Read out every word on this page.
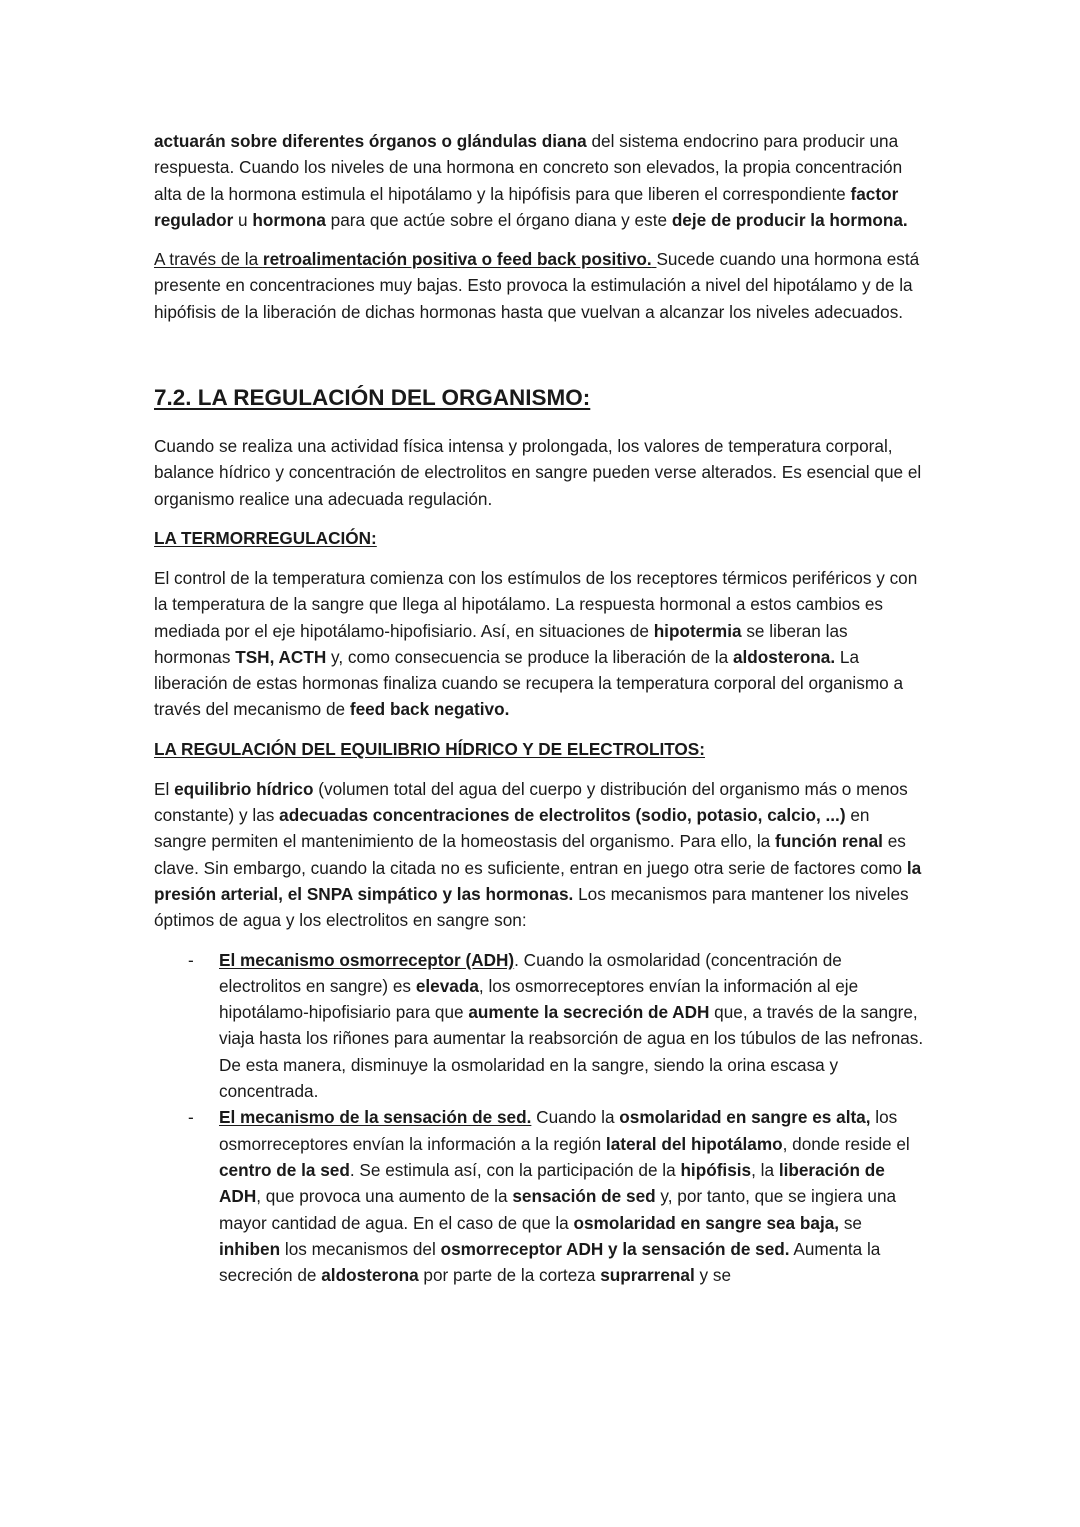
actuarán sobre diferentes órganos o glándulas diana del sistema endocrino para producir una respuesta. Cuando los niveles de una hormona en concreto son elevados, la propia concentración alta de la hormona estimula el hipotálamo y la hipófisis para que liberen el correspondiente factor regulador u hormona para que actúe sobre el órgano diana y este deje de producir la hormona.

A través de la retroalimentación positiva o feed back positivo. Sucede cuando una hormona está presente en concentraciones muy bajas. Esto provoca la estimulación a nivel del hipotálamo y de la hipófisis de la liberación de dichas hormonas hasta que vuelvan a alcanzar los niveles adecuados.

7.2. LA REGULACIÓN DEL ORGANISMO:

Cuando se realiza una actividad física intensa y prolongada, los valores de temperatura corporal, balance hídrico y concentración de electrolitos en sangre pueden verse alterados. Es esencial que el organismo realice una adecuada regulación.

LA TERMORREGULACIÓN:

El control de la temperatura comienza con los estímulos de los receptores térmicos periféricos y con la temperatura de la sangre que llega al hipotálamo. La respuesta hormonal a estos cambios es mediada por el eje hipotálamo-hipofisiario. Así, en situaciones de hipotermia se liberan las hormonas TSH, ACTH y, como consecuencia se produce la liberación de la aldosterona. La liberación de estas hormonas finaliza cuando se recupera la temperatura corporal del organismo a través del mecanismo de feed back negativo.

LA REGULACIÓN DEL EQUILIBRIO HÍDRICO Y DE ELECTROLITOS:

El equilibrio hídrico (volumen total del agua del cuerpo y distribución del organismo más o menos constante) y las adecuadas concentraciones de electrolitos (sodio, potasio, calcio, ...) en sangre permiten el mantenimiento de la homeostasis del organismo. Para ello, la función renal es clave. Sin embargo, cuando la citada no es suficiente, entran en juego otra serie de factores como la presión arterial, el SNPA simpático y las hormonas. Los mecanismos para mantener los niveles óptimos de agua y los electrolitos en sangre son:

- El mecanismo osmorreceptor (ADH). Cuando la osmolaridad (concentración de electrolitos en sangre) es elevada, los osmorreceptores envían la información al eje hipotálamo-hipofisiario para que aumente la secreción de ADH que, a través de la sangre, viaja hasta los riñones para aumentar la reabsorción de agua en los túbulos de las nefronas. De esta manera, disminuye la osmolaridad en la sangre, siendo la orina escasa y concentrada.
- El mecanismo de la sensación de sed. Cuando la osmolaridad en sangre es alta, los osmorreceptores envían la información a la región lateral del hipotálamo, donde reside el centro de la sed. Se estimula así, con la participación de la hipófisis, la liberación de ADH, que provoca una aumento de la sensación de sed y, por tanto, que se ingiera una mayor cantidad de agua. En el caso de que la osmolaridad en sangre sea baja, se inhiben los mecanismos del osmorreceptor ADH y la sensación de sed. Aumenta la secreción de aldosterona por parte de la corteza suprarrenal y se
